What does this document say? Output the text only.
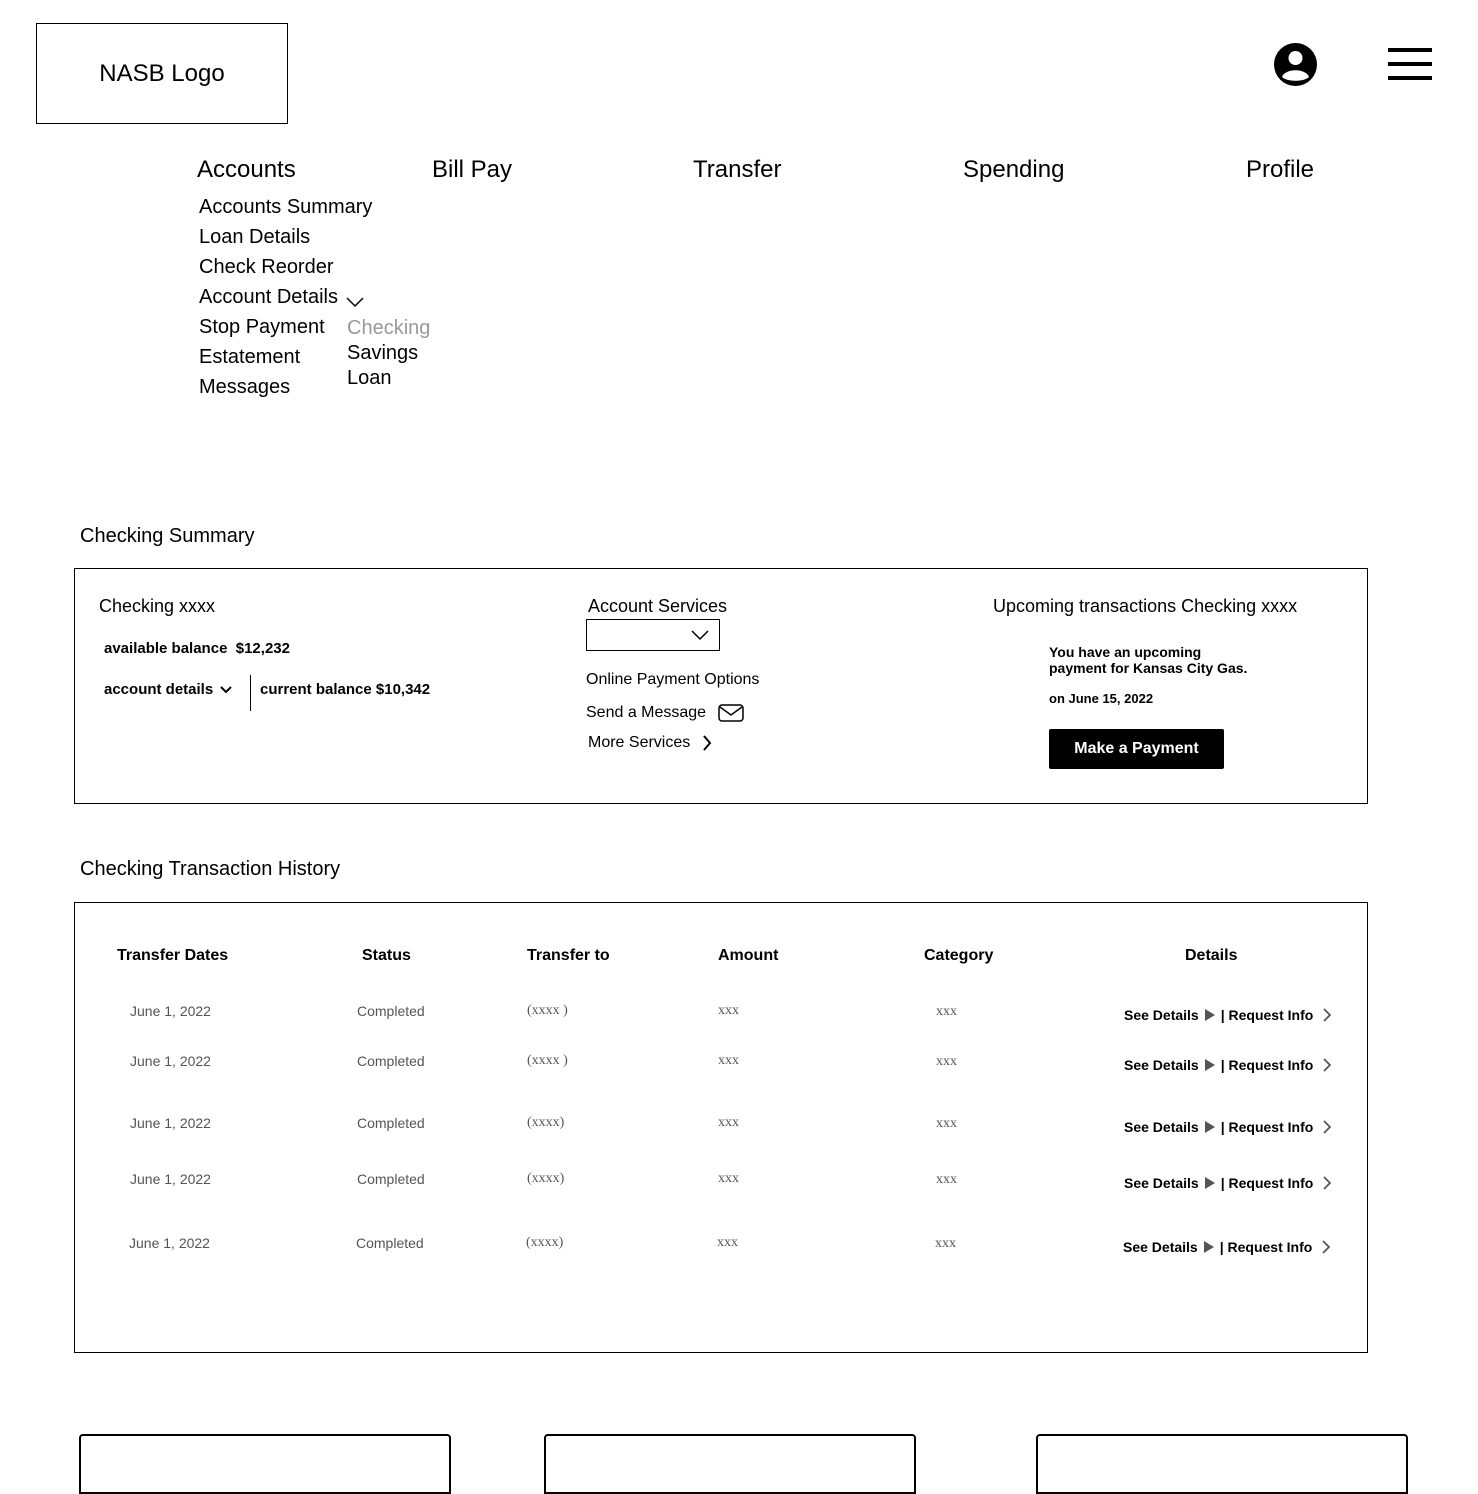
NASB Logo
Accounts	Bill Pay	Transfer	Spending	Profile
Accounts Summary
Loan Details
Check Reorder
Account Details
Stop Payment
Estatement
Messages
Checking
Savings
Loan
Checking Summary
Checking xxxx
available balance $12,232
account details	current balance $10,342
Account Services
Online Payment Options
Send a Message
More Services
Upcoming transactions Checking xxxx
You have an upcoming
payment for Kansas City Gas.
on June 15, 2022
Make a Payment
Checking Transaction History
Transfer Dates	Status	Transfer to	Amount	Category	Details
June 1, 2022	Completed	(xxxx )	xxx	xxx	See Details | Request Info
June 1, 2022	Completed	(xxxx )	xxx	xxx	See Details | Request Info
June 1, 2022	Completed	(xxxx)	xxx	xxx	See Details | Request Info
June 1, 2022	Completed	(xxxx)	xxx	xxx	See Details | Request Info
June 1, 2022	Completed	(xxxx)	xxx	xxx	See Details | Request Info
